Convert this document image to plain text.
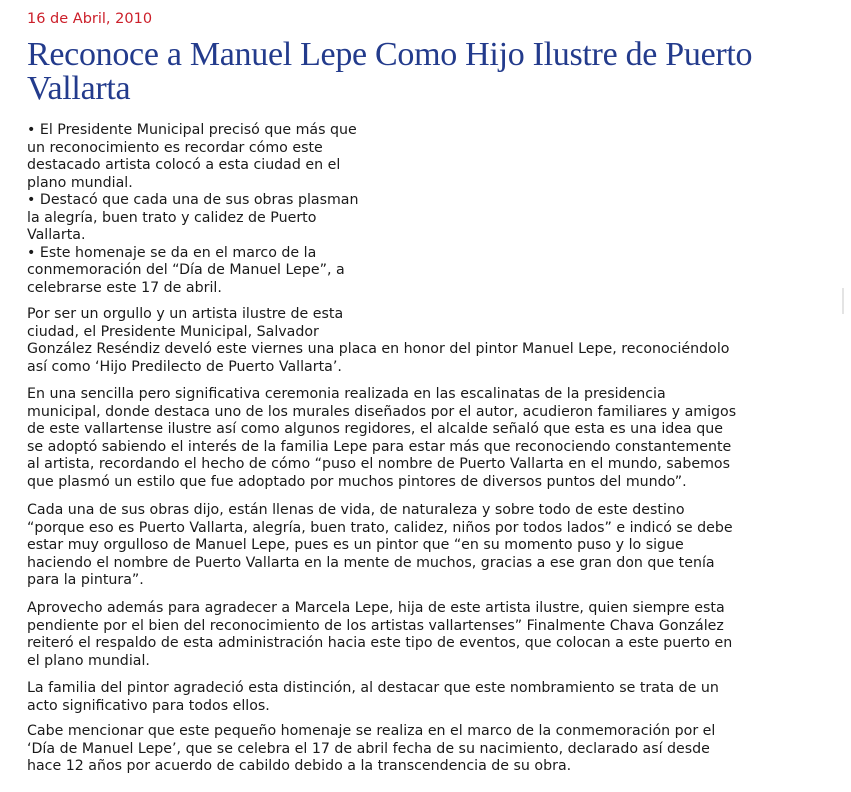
16 de Abril, 2010
Reconoce a Manuel Lepe Como Hijo Ilustre de Puerto Vallarta
• El Presidente Municipal precisó que más que
un reconocimiento es recordar cómo este
destacado artista colocó a esta ciudad en el
plano mundial.
• Destacó que cada una de sus obras plasman
la alegría, buen trato y calidez de Puerto
Vallarta.
• Este homenaje se da en el marco de la
conmemoración del “Día de Manuel Lepe”, a
celebrarse este 17 de abril.

Por ser un orgullo y un artista ilustre de esta
ciudad, el Presidente Municipal, Salvador
González Reséndiz develó este viernes una placa en honor del pintor Manuel Lepe, reconociéndolo
así como ‘Hijo Predilecto de Puerto Vallarta’.

En una sencilla pero significativa ceremonia realizada en las escalinatas de la presidencia
municipal, donde destaca uno de los murales diseñados por el autor, acudieron familiares y amigos
de este vallartense ilustre así como algunos regidores, el alcalde señaló que esta es una idea que
se adoptó sabiendo el interés de la familia Lepe para estar más que reconociendo constantemente
al artista, recordando el hecho de cómo “puso el nombre de Puerto Vallarta en el mundo, sabemos
que plasmó un estilo que fue adoptado por muchos pintores de diversos puntos del mundo”.

Cada una de sus obras dijo, están llenas de vida, de naturaleza y sobre todo de este destino
“porque eso es Puerto Vallarta, alegría, buen trato, calidez, niños por todos lados” e indicó se debe
estar muy orgulloso de Manuel Lepe, pues es un pintor que “en su momento puso y lo sigue
haciendo el nombre de Puerto Vallarta en la mente de muchos, gracias a ese gran don que tenía
para la pintura”.

Aprovecho además para agradecer a Marcela Lepe, hija de este artista ilustre, quien siempre esta
pendiente por el bien del reconocimiento de los artistas vallartenses” Finalmente Chava González
reiteró el respaldo de esta administración hacia este tipo de eventos, que colocan a este puerto en
el plano mundial.

La familia del pintor agradeció esta distinción, al destacar que este nombramiento se trata de un
acto significativo para todos ellos.

Cabe mencionar que este pequeño homenaje se realiza en el marco de la conmemoración por el
‘Día de Manuel Lepe’, que se celebra el 17 de abril fecha de su nacimiento, declarado así desde
hace 12 años por acuerdo de cabildo debido a la transcendencia de su obra.
